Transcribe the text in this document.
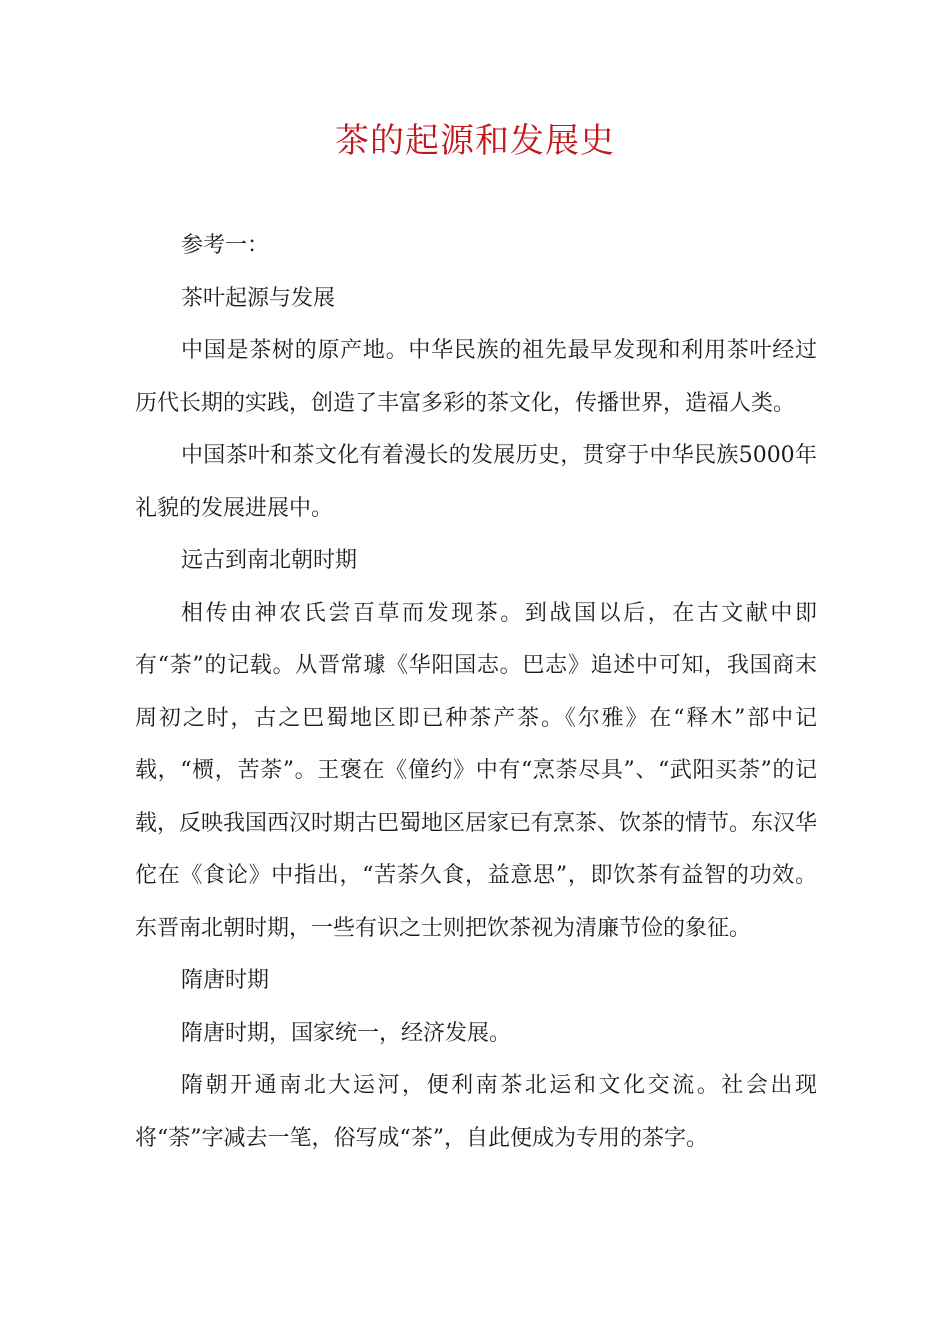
茶的起源和发展史

参考一：

茶叶起源与发展

中国是茶树的原产地。中华民族的祖先最早发现和利用茶叶经过历代长期的实践，创造了丰富多彩的茶文化，传播世界，造福人类。

中国茶叶和茶文化有着漫长的发展历史，贯穿于中华民族5000年礼貌的发展进展中。

远古到南北朝时期

相传由神农氏尝百草而发现茶。到战国以后，在古文献中即有“荼”的记载。从晋常璩《华阳国志。巴志》追述中可知，我国商末周初之时，古之巴蜀地区即已种茶产茶。《尔雅》在“释木”部中记载，“槚，苦荼”。王褒在《僮约》中有“烹荼尽具”、“武阳买荼”的记载，反映我国西汉时期古巴蜀地区居家已有烹茶、饮茶的情节。东汉华佗在《食论》中指出，“苦荼久食，益意思”，即饮茶有益智的功效。东晋南北朝时期，一些有识之士则把饮茶视为清廉节俭的象征。

隋唐时期

隋唐时期，国家统一，经济发展。

隋朝开通南北大运河，便利南茶北运和文化交流。社会出现将“荼”字减去一笔，俗写成“茶”，自此便成为专用的茶字。
